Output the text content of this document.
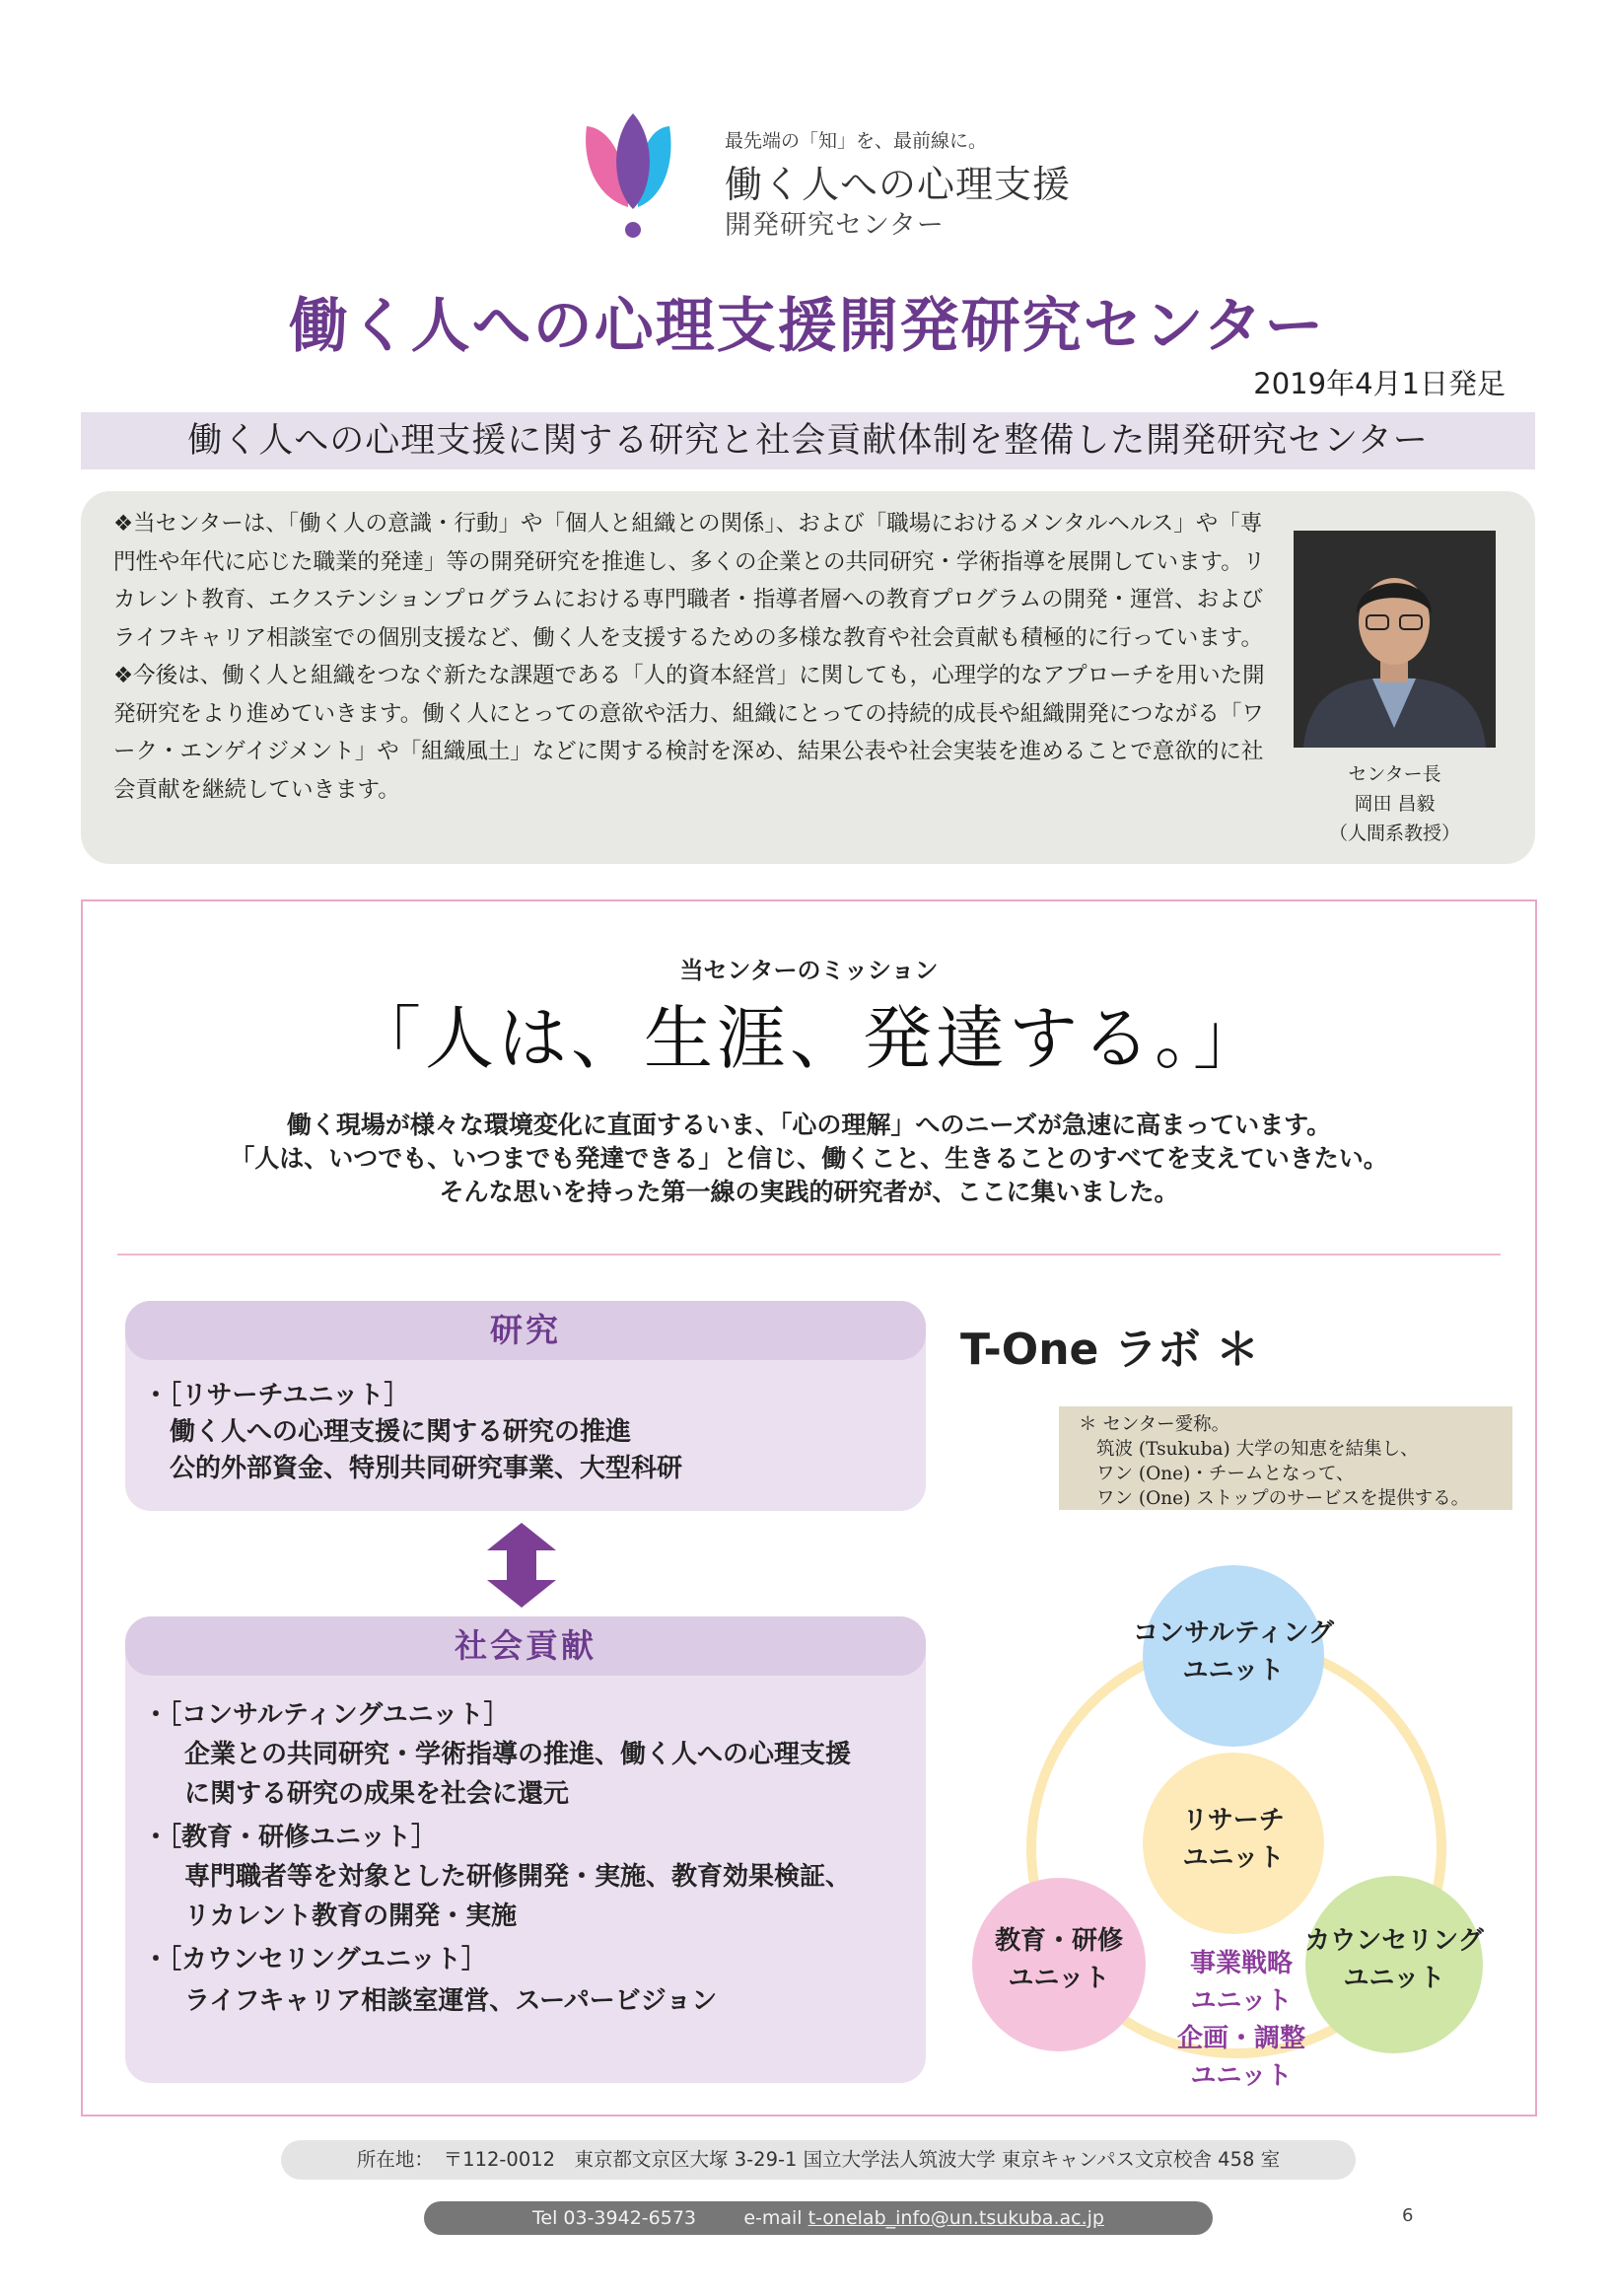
最先端の「知」を、最前線に。
働く人への心理支援
開発研究センター
働く人への心理支援開発研究センター
2019年4月1日発足
働く人への心理支援に関する研究と社会貢献体制を整備した開発研究センター

❖当センターは、「働く人の意識・行動」や「個人と組織との関係」、および「職場におけるメンタルヘルス」や「専門性や年代に応じた職業的発達」等の開発研究を推進し、多くの企業との共同研究・学術指導を展開しています。リカレント教育、エクステンションプログラムにおける専門職者・指導者層への教育プログラムの開発・運営、およびライフキャリア相談室での個別支援など、働く人を支援するための多様な教育や社会貢献も積極的に行っています。

❖今後は、働く人と組織をつなぐ新たな課題である「人的資本経営」に関しても，心理学的なアプローチを用いた開発研究をより進めていきます。働く人にとっての意欲や活力、組織にとっての持続的成長や組織開発につながる「ワーク・エンゲイジメント」や「組織風土」などに関する検討を深め、結果公表や社会実装を進めることで意欲的に社会貢献を継続していきます。

センター長
岡田 昌毅
（人間系教授）
当センターのミッション
「人は、生涯、発達する。」
働く現場が様々な環境変化に直面するいま、「心の理解」へのニーズが急速に高まっています。
「人は、いつでも、いつまでも発達できる」と信じ、働くこと、生きることのすべてを支えていきたい。
そんな思いを持った第一線の実践的研究者が、ここに集いました。
研究
・［リサーチユニット］
働く人への心理支援に関する研究の推進
公的外部資金、特別共同研究事業、大型科研
社会貢献
・［コンサルティングユニット］
企業との共同研究・学術指導の推進、働く人への心理支援
に関する研究の成果を社会に還元
・［教育・研修ユニット］
専門職者等を対象とした研修開発・実施、教育効果検証、
リカレント教育の開発・実施
・［カウンセリングユニット］
ライフキャリア相談室運営、スーパービジョン
T-One ラボ ＊
＊ センター愛称。
筑波 (Tsukuba) 大学の知恵を結集し、
ワン (One)・チームとなって、
ワン (One) ストップのサービスを提供する。
コンサルティング
ユニット
リサーチ
ユニット
教育・研修
ユニット
カウンセリング
ユニット
事業戦略
ユニット
企画・調整
ユニット
所在地：　〒112-0012　東京都文京区大塚 3-29-1 国立大学法人筑波大学 東京キャンパス文京校舎 458 室
Tel 03-3942-6573	e-mail t-onelab_info@un.tsukuba.ac.jp	6
